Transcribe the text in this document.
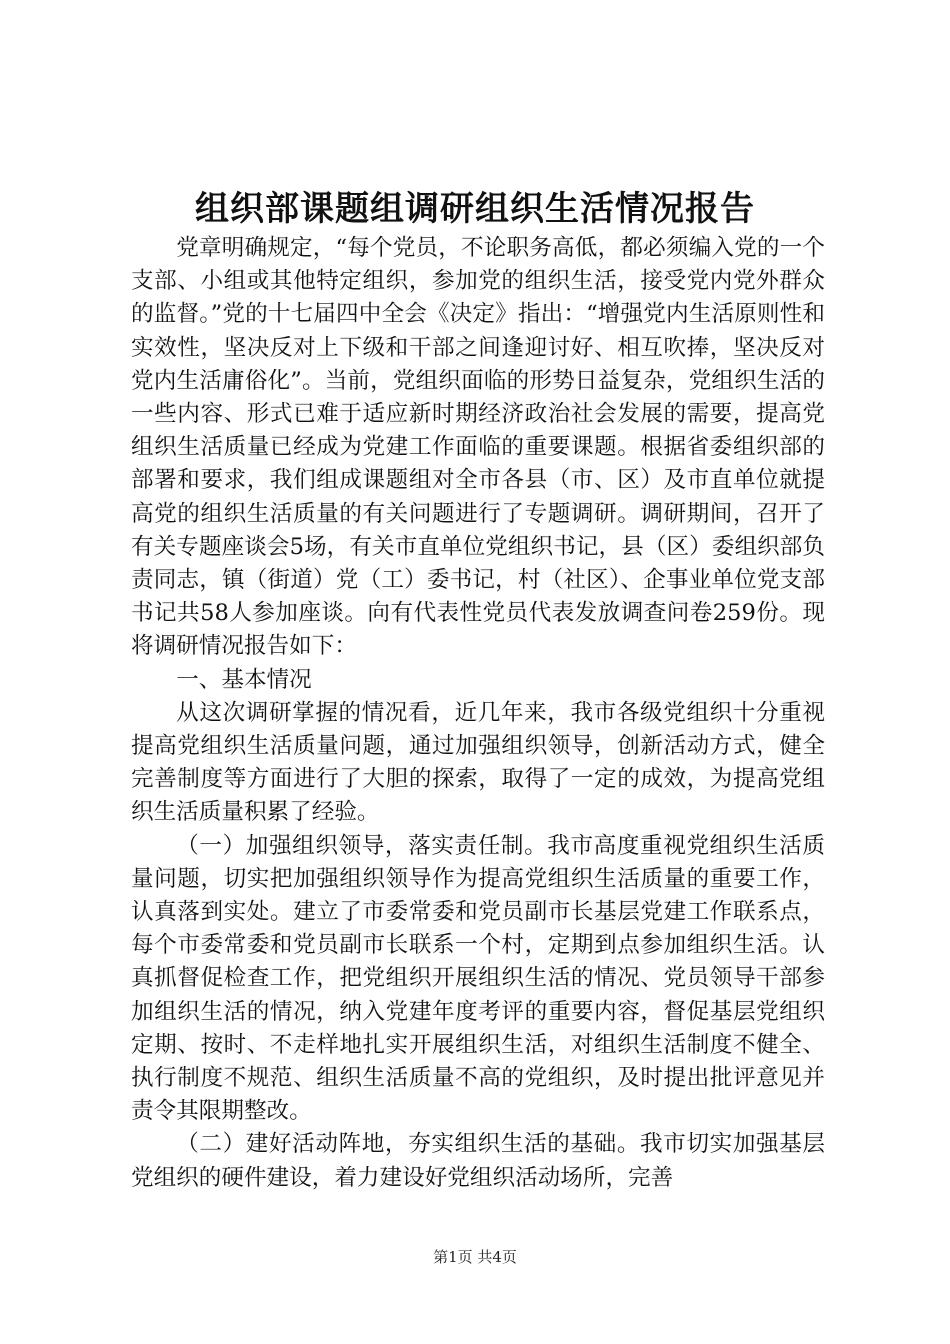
组织部课题组调研组织生活情况报告

党章明确规定，“每个党员，不论职务高低，都必须编入党的一个支部、小组或其他特定组织，参加党的组织生活，接受党内党外群众的监督。”党的十七届四中全会《决定》指出：“增强党内生活原则性和实效性，坚决反对上下级和干部之间逢迎讨好、相互吹捧，坚决反对党内生活庸俗化”。当前，党组织面临的形势日益复杂，党组织生活的一些内容、形式已难于适应新时期经济政治社会发展的需要，提高党组织生活质量已经成为党建工作面临的重要课题。根据省委组织部的部署和要求，我们组成课题组对全市各县（市、区）及市直单位就提高党的组织生活质量的有关问题进行了专题调研。调研期间，召开了有关专题座谈会5场，有关市直单位党组织书记，县（区）委组织部负责同志，镇（街道）党（工）委书记，村（社区）、企事业单位党支部书记共58人参加座谈。向有代表性党员代表发放调查问卷259份。现将调研情况报告如下：

一、基本情况

从这次调研掌握的情况看，近几年来，我市各级党组织十分重视提高党组织生活质量问题，通过加强组织领导，创新活动方式，健全完善制度等方面进行了大胆的探索，取得了一定的成效，为提高党组织生活质量积累了经验。

（一）加强组织领导，落实责任制。我市高度重视党组织生活质量问题，切实把加强组织领导作为提高党组织生活质量的重要工作，认真落到实处。建立了市委常委和党员副市长基层党建工作联系点，每个市委常委和党员副市长联系一个村，定期到点参加组织生活。认真抓督促检查工作，把党组织开展组织生活的情况、党员领导干部参加组织生活的情况，纳入党建年度考评的重要内容，督促基层党组织定期、按时、不走样地扎实开展组织生活，对组织生活制度不健全、执行制度不规范、组织生活质量不高的党组织，及时提出批评意见并责令其限期整改。

（二）建好活动阵地，夯实组织生活的基础。我市切实加强基层党组织的硬件建设，着力建设好党组织活动场所，完善

第1页 共4页
